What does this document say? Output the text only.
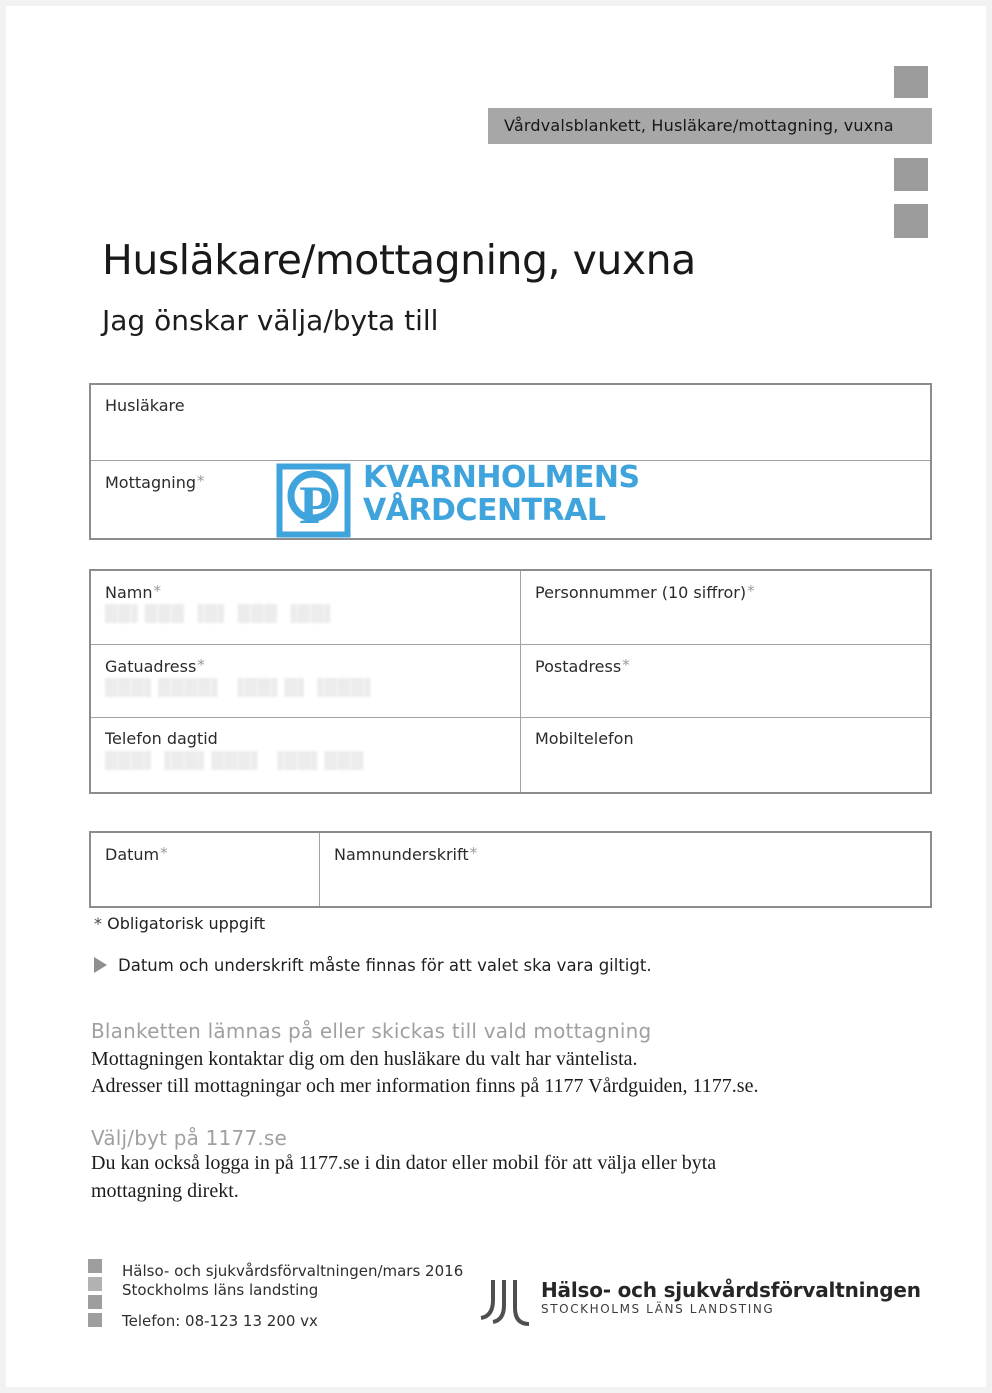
Vårdvalsblankett, Husläkare/mottagning, vuxna
Husläkare/mottagning, vuxna
Jag önskar välja/byta till
Husläkare
Mottagning*	P KVARNHOLMENS
VÅRDCENTRAL
Namn*
██▌███ ▐█▌ ███ ▐██▌
Personnummer (10 siffror)*
Gatuadress*
███▌████▌ ▐██▌█▌▐███▌
Postadress*
Telefon dagtid
███▌▐██▌███▌ ▐██▌███
Mobiltelefon
Datum*	Namnunderskrift*
* Obligatorisk uppgift
Datum och underskrift måste finnas för att valet ska vara giltigt.
Blanketten lämnas på eller skickas till vald mottagning
Mottagningen kontaktar dig om den husläkare du valt har väntelista.
Adresser till mottagningar och mer information finns på 1177 Vårdguiden, 1177.se.
Välj/byt på 1177.se
Du kan också logga in på 1177.se i din dator eller mobil för att välja eller byta
mottagning direkt.
Hälso- och sjukvårdsförvaltningen/mars 2016
Stockholms läns landsting
Telefon: 08-123 13 200 vx
Hälso- och sjukvårdsförvaltningen
STOCKHOLMS LÄNS LANDSTING
